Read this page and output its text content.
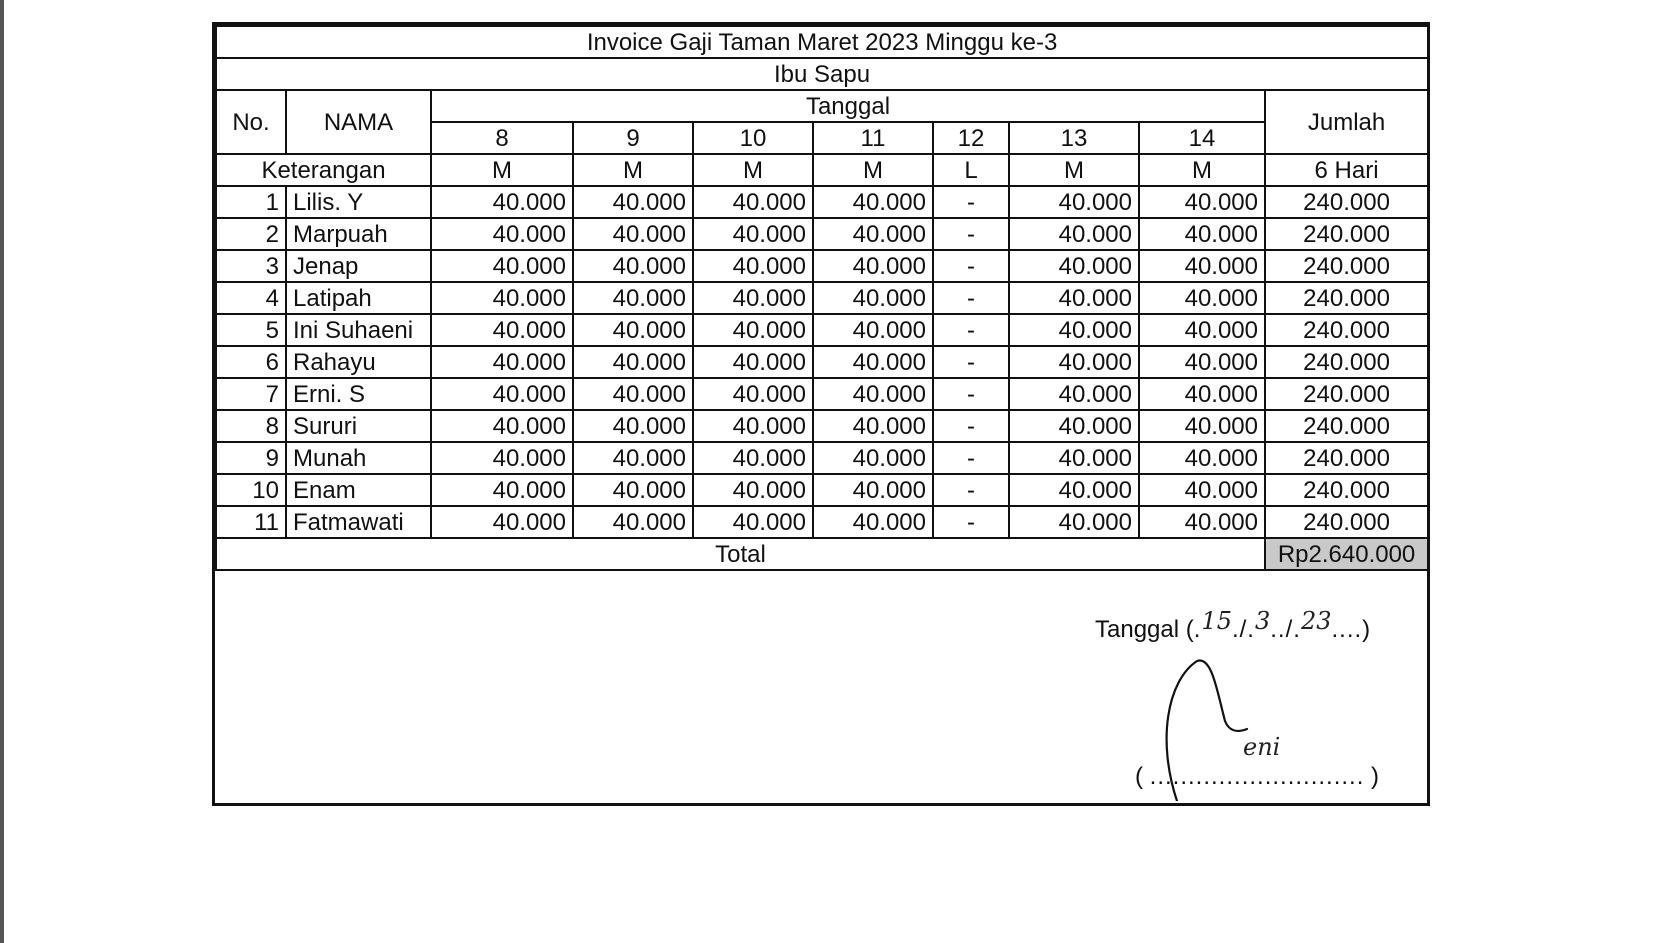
Invoice Gaji Taman Maret 2023 Minggu ke-3									
Ibu Sapu									
No.	NAMA	Tanggal							Jumlah
		8	9	10	11	12	13	14	
Keterangan		M	M	M	M	L	M	M	6 Hari
1	Lilis. Y	40.000	40.000	40.000	40.000	-	40.000	40.000	240.000
2	Marpuah	40.000	40.000	40.000	40.000	-	40.000	40.000	240.000
3	Jenap	40.000	40.000	40.000	40.000	-	40.000	40.000	240.000
4	Latipah	40.000	40.000	40.000	40.000	-	40.000	40.000	240.000
5	Ini Suhaeni	40.000	40.000	40.000	40.000	-	40.000	40.000	240.000
6	Rahayu	40.000	40.000	40.000	40.000	-	40.000	40.000	240.000
7	Erni. S	40.000	40.000	40.000	40.000	-	40.000	40.000	240.000
8	Sururi	40.000	40.000	40.000	40.000	-	40.000	40.000	240.000
9	Munah	40.000	40.000	40.000	40.000	-	40.000	40.000	240.000
10	Enam	40.000	40.000	40.000	40.000	-	40.000	40.000	240.000
11	Fatmawati	40.000	40.000	40.000	40.000	-	40.000	40.000	240.000
Total									Rp2.640.000
Tanggal (.15./.3../.23....)
( ............................ )
eni
